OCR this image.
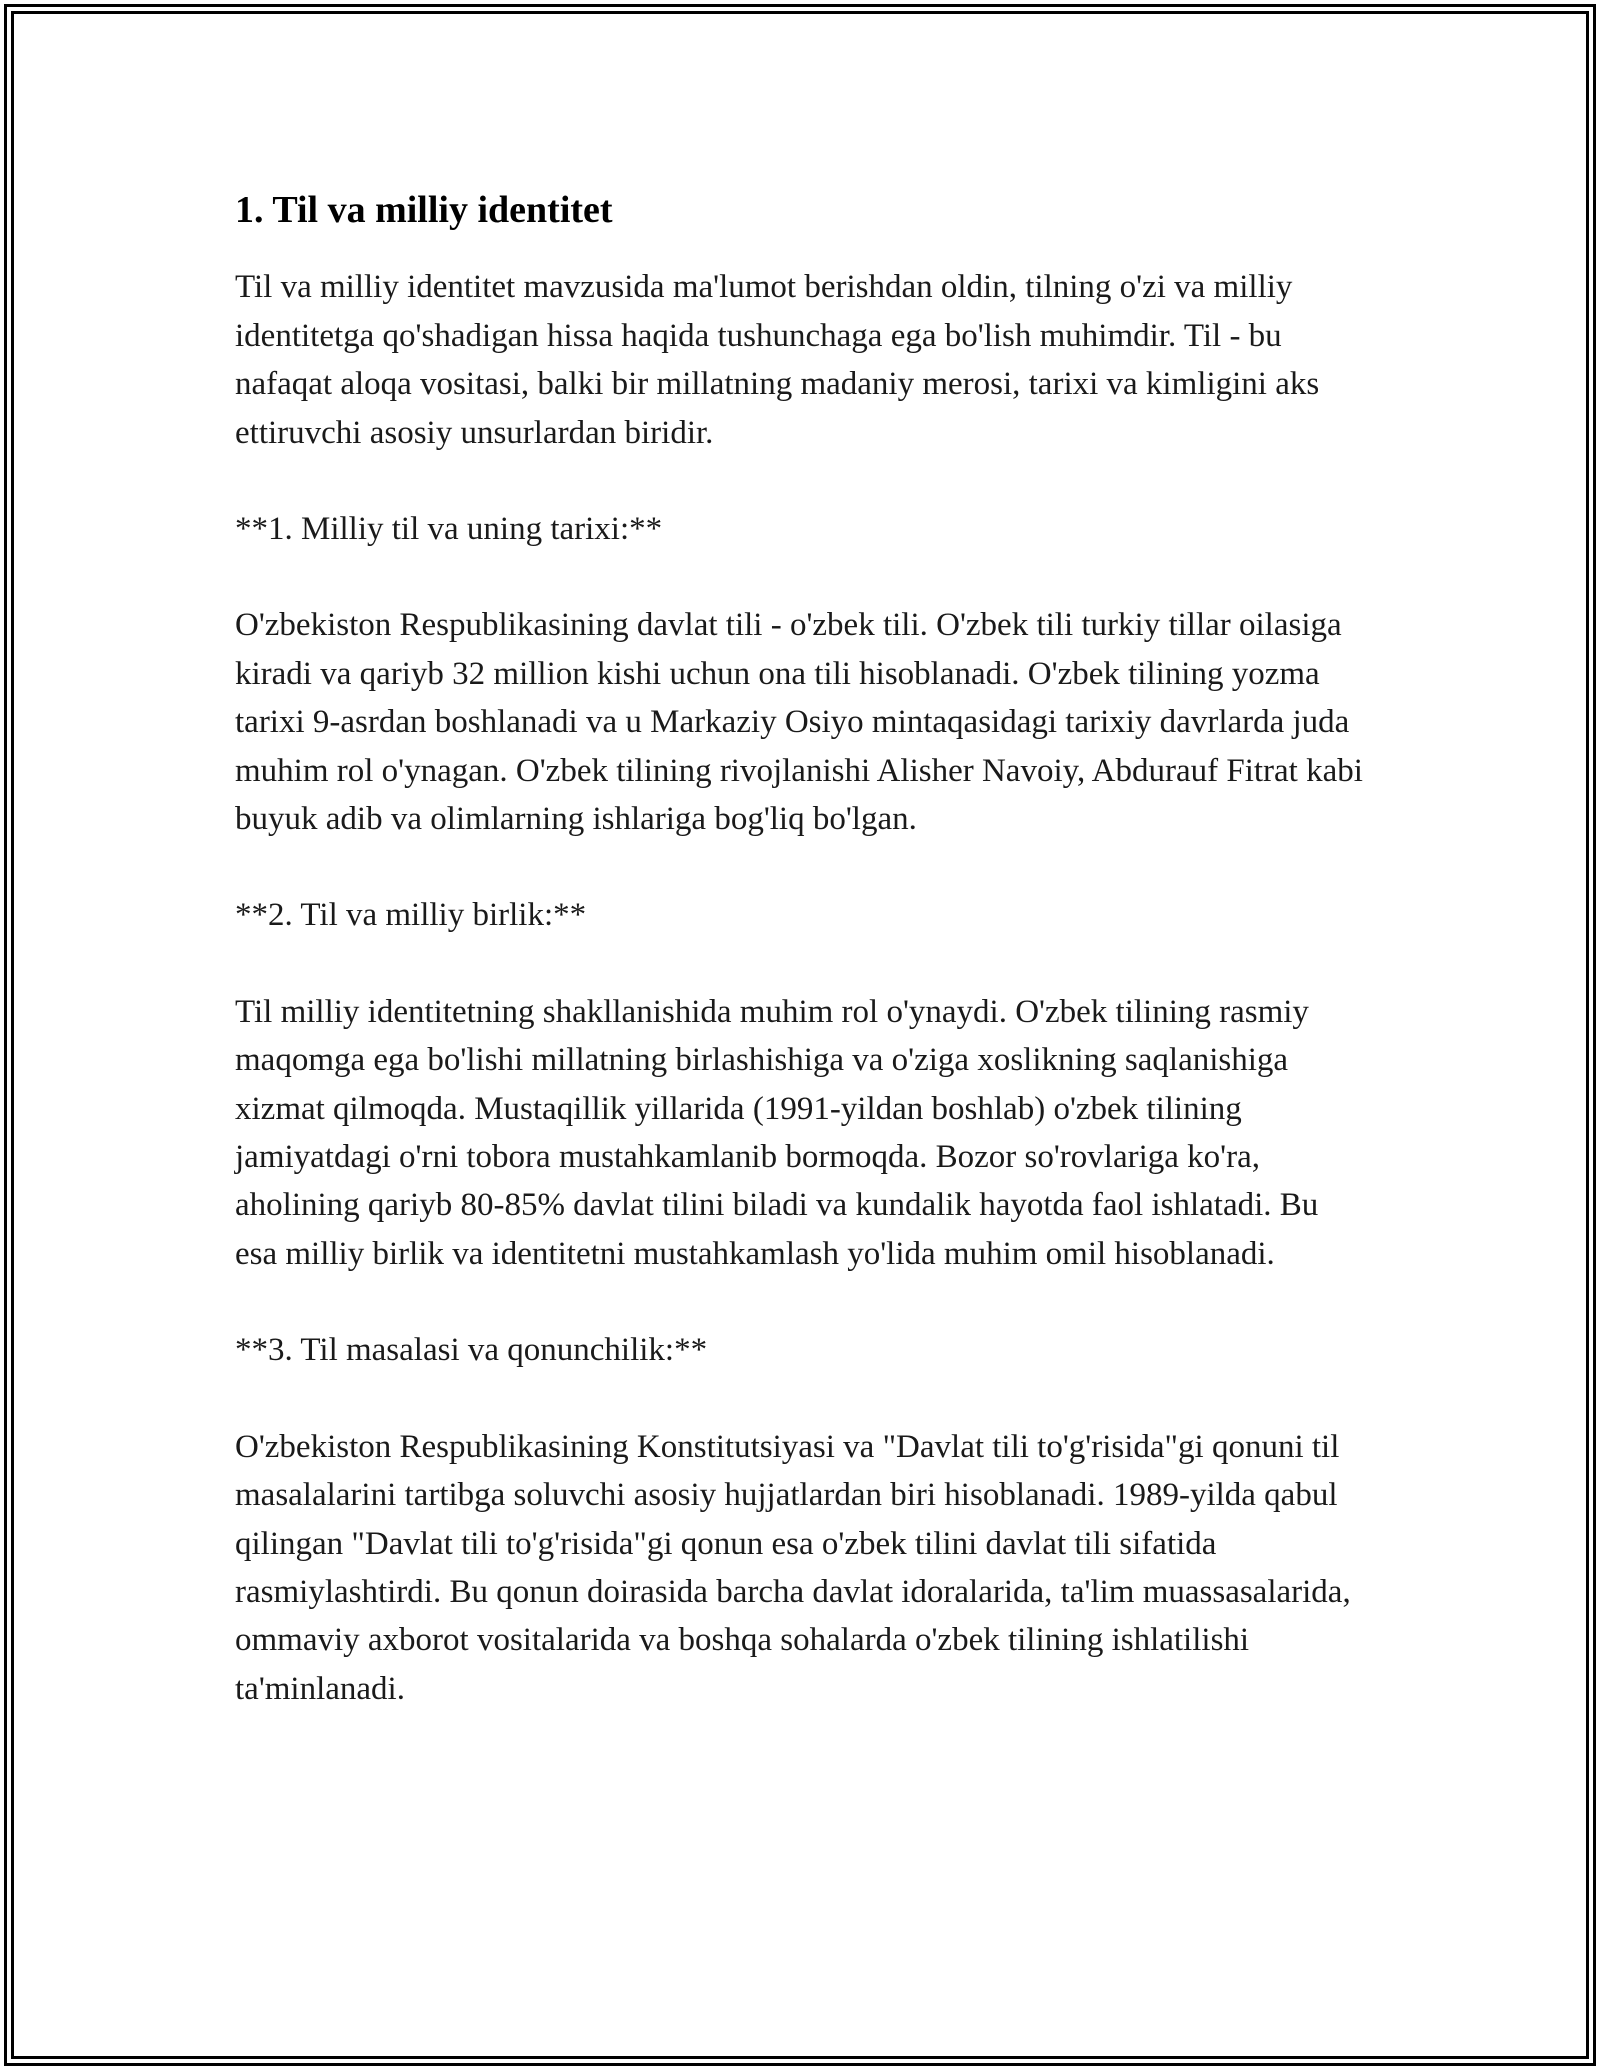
1. Til va milliy identitet

Til va milliy identitet mavzusida ma'lumot berishdan oldin, tilning o'zi va milliy identitetga qo'shadigan hissa haqida tushunchaga ega bo'lish muhimdir. Til - bu nafaqat aloqa vositasi, balki bir millatning madaniy merosi, tarixi va kimligini aks ettiruvchi asosiy unsurlardan biridir.

**1. Milliy til va uning tarixi:**

O'zbekiston Respublikasining davlat tili - o'zbek tili. O'zbek tili turkiy tillar oilasiga kiradi va qariyb 32 million kishi uchun ona tili hisoblanadi. O'zbek tilining yozma tarixi 9-asrdan boshlanadi va u Markaziy Osiyo mintaqasidagi tarixiy davrlarda juda muhim rol o'ynagan. O'zbek tilining rivojlanishi Alisher Navoiy, Abdurauf Fitrat kabi buyuk adib va olimlarning ishlariga bog'liq bo'lgan.

**2. Til va milliy birlik:**

Til milliy identitetning shakllanishida muhim rol o'ynaydi. O'zbek tilining rasmiy maqomga ega bo'lishi millatning birlashishiga va o'ziga xoslikning saqlanishiga xizmat qilmoqda. Mustaqillik yillarida (1991-yildan boshlab) o'zbek tilining jamiyatdagi o'rni tobora mustahkamlanib bormoqda. Bozor so'rovlariga ko'ra, aholining qariyb 80-85% davlat tilini biladi va kundalik hayotda faol ishlatadi. Bu esa milliy birlik va identitetni mustahkamlash yo'lida muhim omil hisoblanadi.

**3. Til masalasi va qonunchilik:**

O'zbekiston Respublikasining Konstitutsiyasi va "Davlat tili to'g'risida"gi qonuni til masalalarini tartibga soluvchi asosiy hujjatlardan biri hisoblanadi. 1989-yilda qabul qilingan "Davlat tili to'g'risida"gi qonun esa o'zbek tilini davlat tili sifatida rasmiylashtirdi. Bu qonun doirasida barcha davlat idoralarida, ta'lim muassasalarida, ommaviy axborot vositalarida va boshqa sohalarda o'zbek tilining ishlatilishi ta'minlanadi.
